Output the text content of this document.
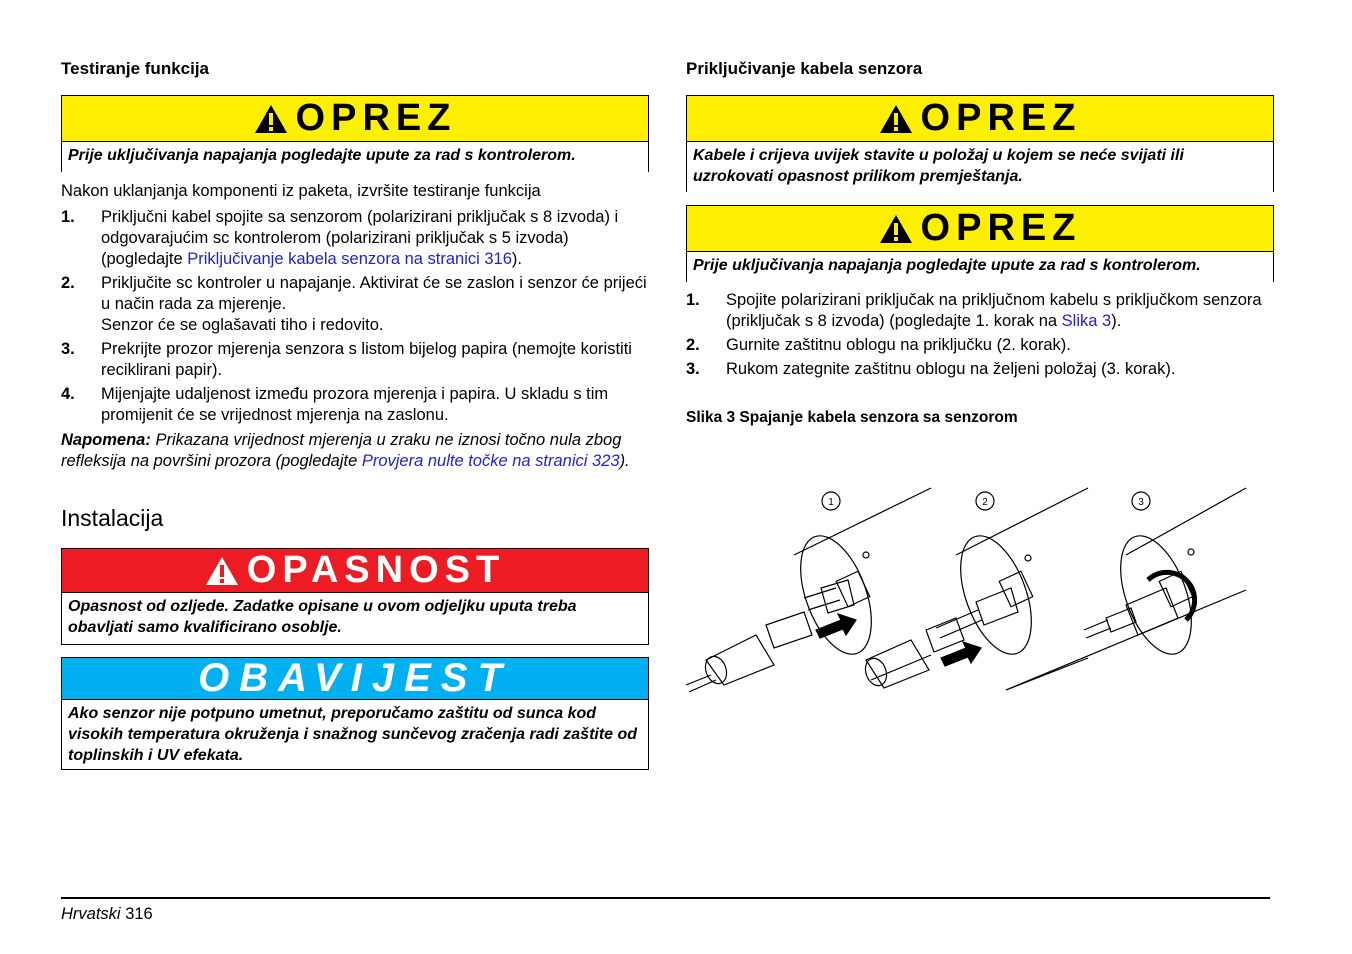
Testiranje funkcija
OPREZ
Prije uključivanja napajanja pogledajte upute za rad s kontrolerom.
Nakon uklanjanja komponenti iz paketa, izvršite testiranje funkcija
1. Priključni kabel spojite sa senzorom (polarizirani priključak s 8 izvoda) i odgovarajućim sc kontrolerom (polarizirani priključak s 5 izvoda) (pogledajte Priključivanje kabela senzora na stranici 316).
2. Priključite sc kontroler u napajanje. Aktivirat će se zaslon i senzor će prijeći u način rada za mjerenje.
Senzor će se oglašavati tiho i redovito.
3. Prekrijte prozor mjerenja senzora s listom bijelog papira (nemojte koristiti reciklirani papir).
4. Mijenjajte udaljenost između prozora mjerenja i papira. U skladu s tim promijenit će se vrijednost mjerenja na zaslonu.
Napomena: Prikazana vrijednost mjerenja u zraku ne iznosi točno nula zbog refleksija na površini prozora (pogledajte Provjera nulte točke na stranici 323).
Instalacija
OPASNOST
Opasnost od ozljede. Zadatke opisane u ovom odjeljku uputa treba obavljati samo kvalificirano osoblje.
OBAVIJEST
Ako senzor nije potpuno umetnut, preporučamo zaštitu od sunca kod visokih temperatura okruženja i snažnog sunčevog zračenja radi zaštite od toplinskih i UV efekata.
Priključivanje kabela senzora
OPREZ
Kabele i crijeva uvijek stavite u položaj u kojem se neće svijati ili uzrokovati opasnost prilikom premještanja.
OPREZ
Prije uključivanja napajanja pogledajte upute za rad s kontrolerom.
1. Spojite polarizirani priključak na priključnom kabelu s priključkom senzora (priključak s 8 izvoda) (pogledajte 1. korak na Slika 3).
2. Gurnite zaštitnu oblogu na priključku (2. korak).
3. Rukom zategnite zaštitnu oblogu na željeni položaj (3. korak).
Slika 3 Spajanje kabela senzora sa senzorom
1	2	3
Hrvatski 316
